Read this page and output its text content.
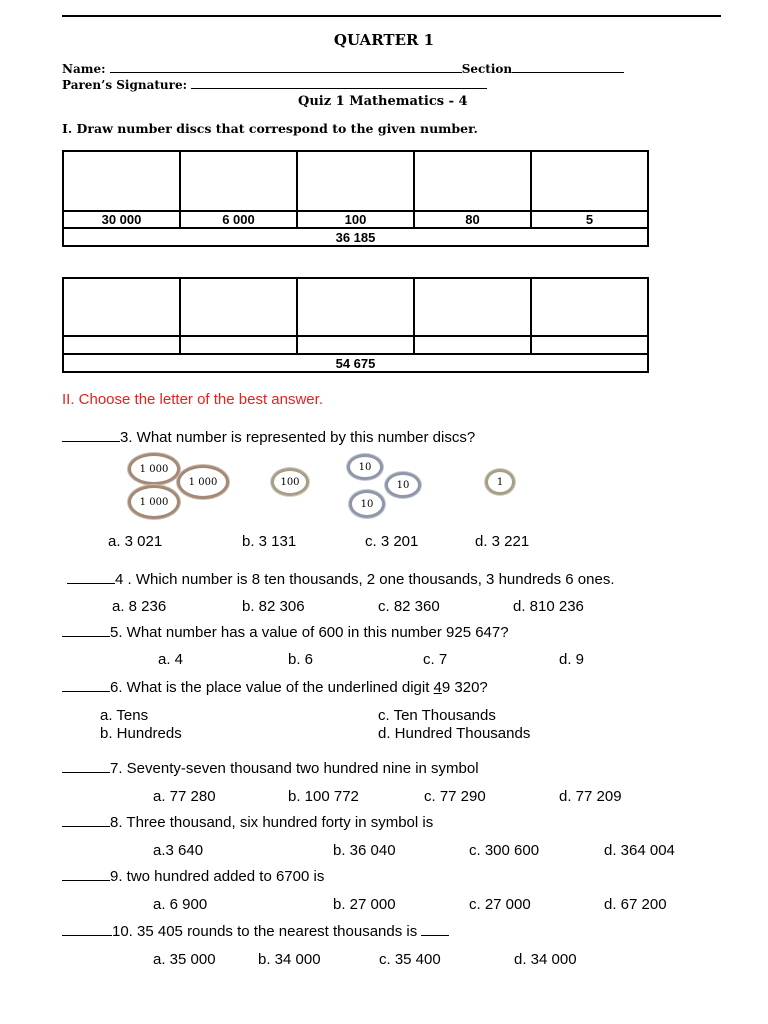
QUARTER 1
Name:	Section
Paren’s Signature:
Quiz 1 Mathematics - 4
I. Draw number discs that correspond to the given number.

30 000	6 000	100	80	5
36 185				

54 675				
II. Choose the letter of the best answer.
3. What number is represented by this number discs?
1 000
1 000
1 000
100
10
10
10
1
a. 3 021	b. 3 131	c. 3 201	d. 3 221
4 . Which number is 8 ten thousands, 2 one thousands, 3 hundreds 6 ones.
a. 8 236	b. 82 306	c. 82 360	d. 810 236
5. What number has a value of 600 in this number 925 647?
a. 4	b. 6	c. 7	d. 9
6. What is the place value of the underlined digit 49 320?
a. Tens
b. Hundreds
c. Ten Thousands
d. Hundred Thousands
7. Seventy-seven thousand two hundred nine in symbol
a. 77 280	b. 100 772	c. 77 290	d. 77 209
8. Three thousand, six hundred forty in symbol is
a.3 640	b. 36 040	c. 300 600	d. 364 004
9. two hundred added to 6700 is
a. 6 900	b. 27 000	c. 27 000	d. 67 200
10. 35 405 rounds to the nearest thousands is
a. 35 000	b. 34 000	c. 35 400	d. 34 000
